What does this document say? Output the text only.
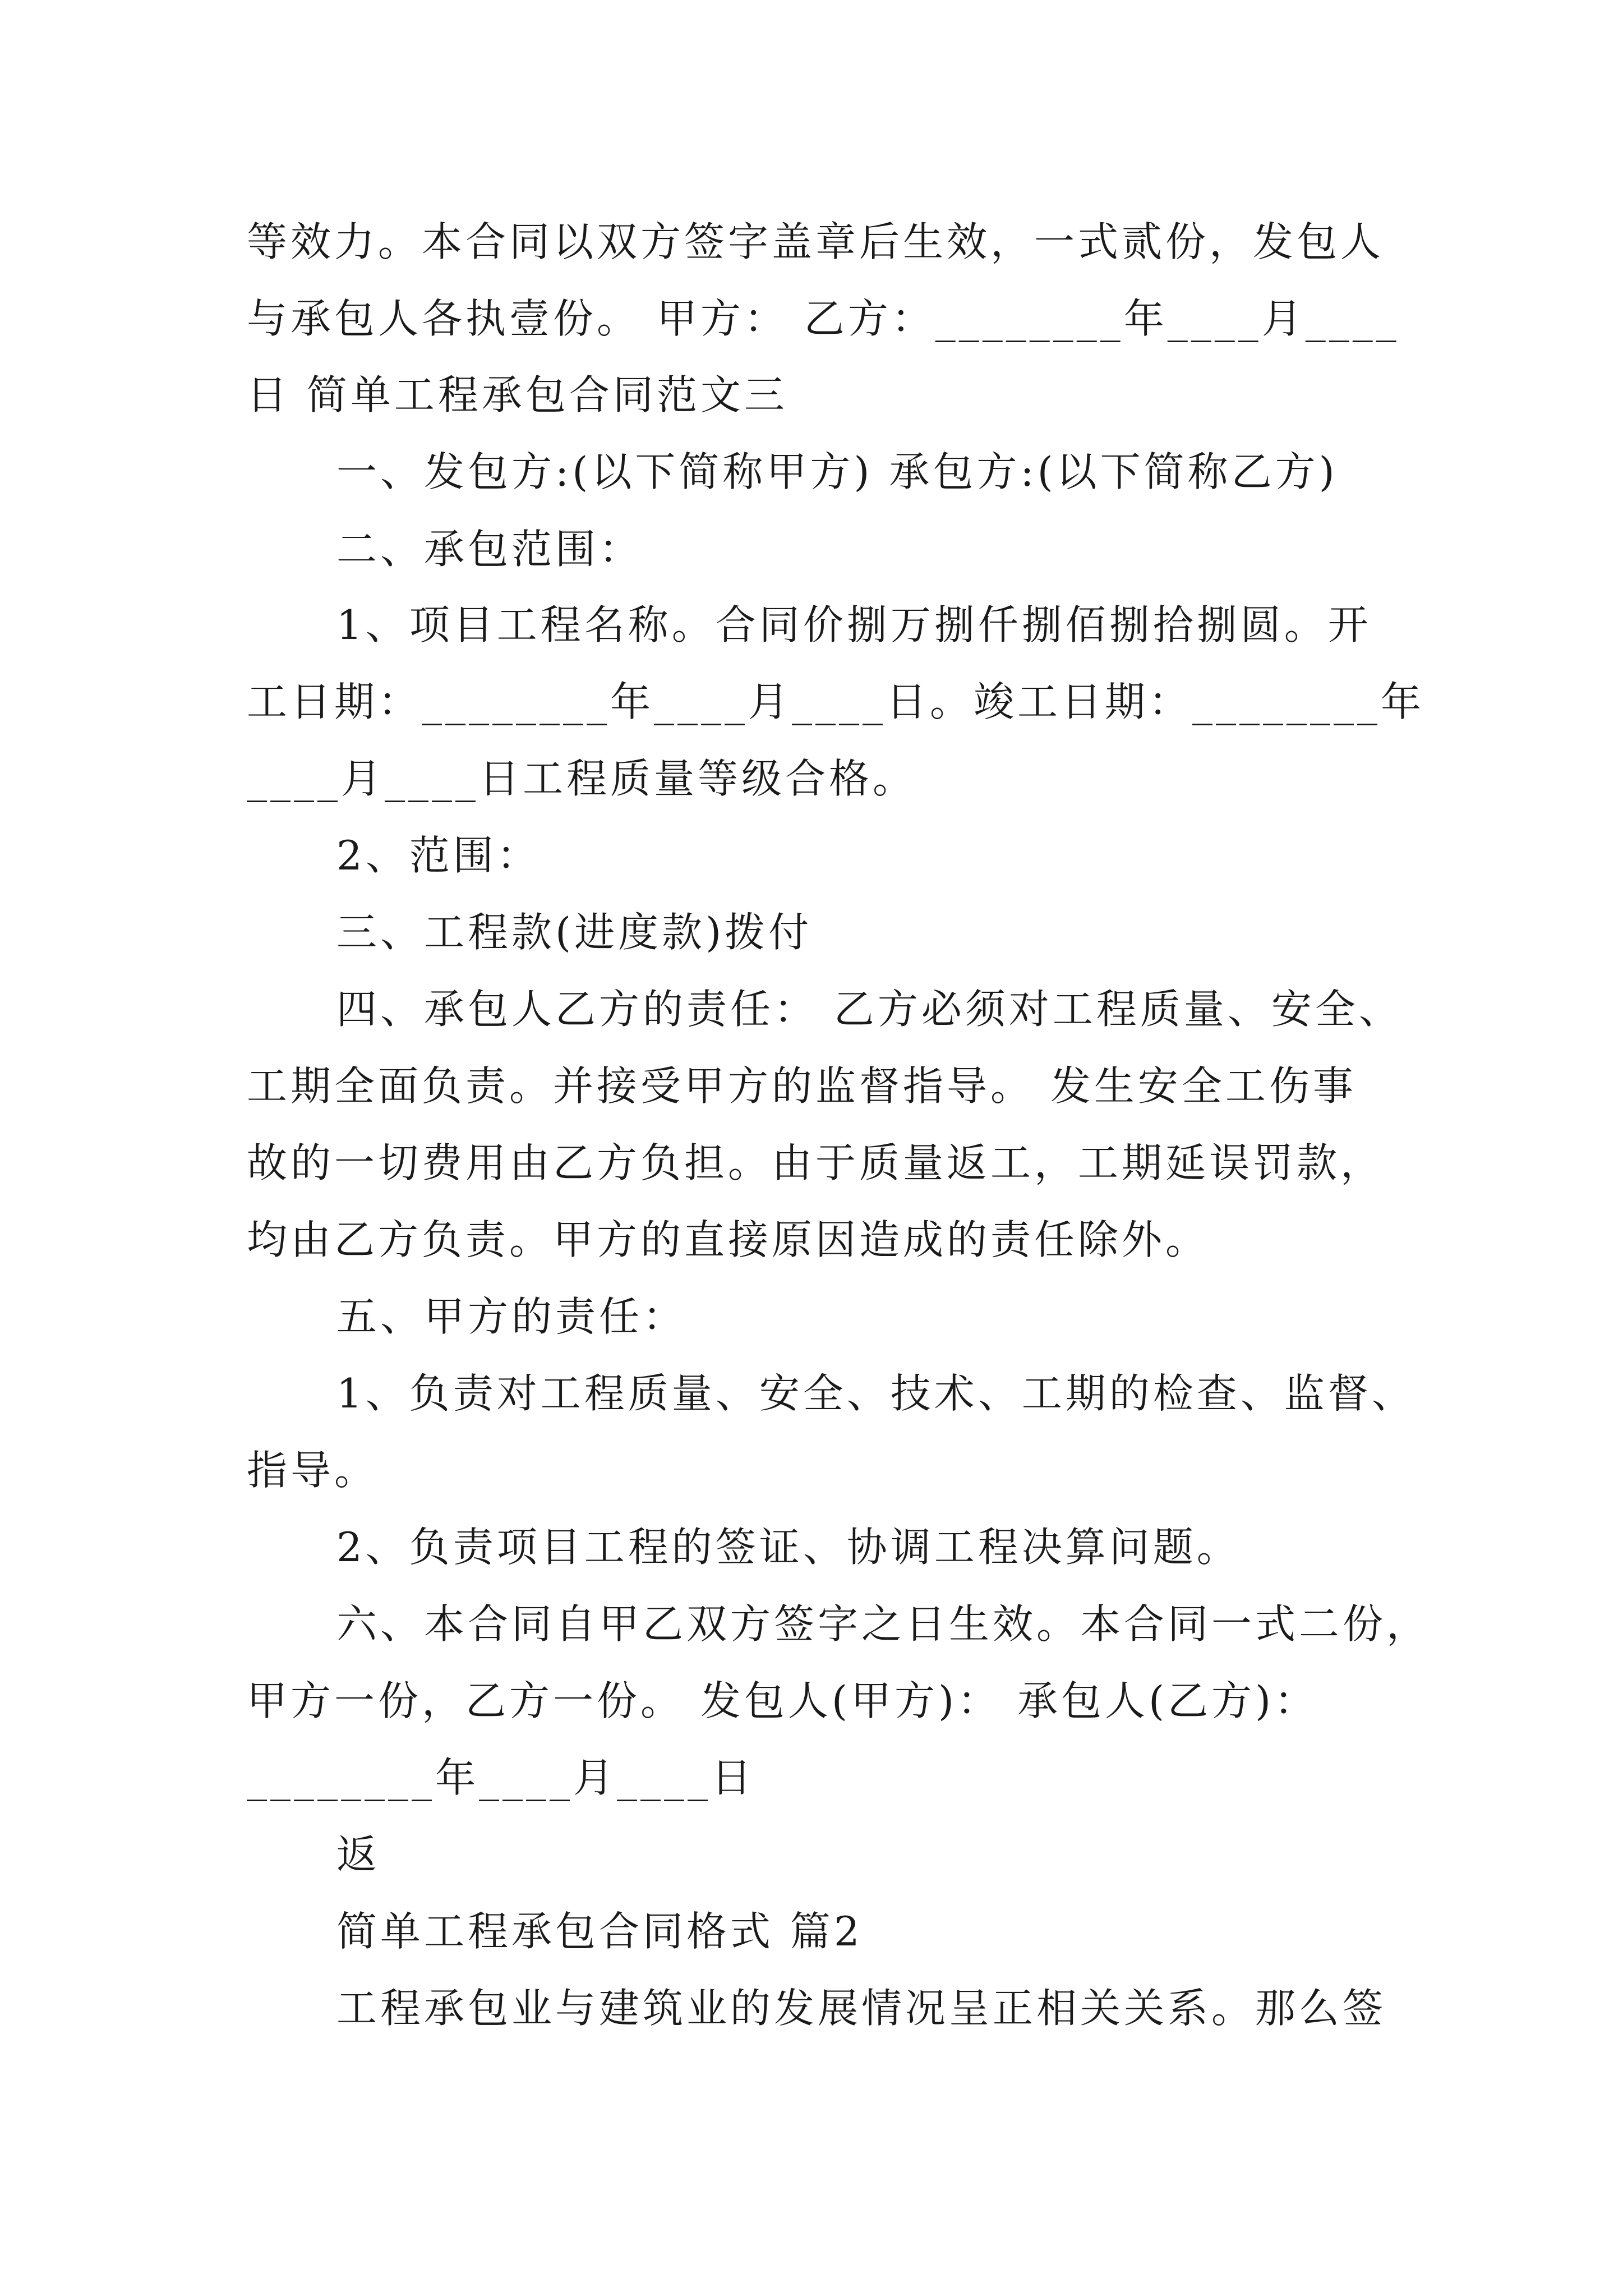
等效力。本合同以双方签字盖章后生效，一式贰份，发包人
与承包人各执壹份。 甲方： 乙方：________年____月____
日 简单工程承包合同范文三
一、发包方:(以下简称甲方) 承包方:(以下简称乙方)
二、承包范围：
1、项目工程名称。合同价捌万捌仟捌佰捌拾捌圆。开
工日期：________年____月____日。竣工日期：________年
____月____日工程质量等级合格。
2、范围：
三、工程款(进度款)拨付
四、承包人乙方的责任： 乙方必须对工程质量、安全、
工期全面负责。并接受甲方的监督指导。 发生安全工伤事
故的一切费用由乙方负担。由于质量返工，工期延误罚款，
均由乙方负责。甲方的直接原因造成的责任除外。
五、甲方的责任：
1、负责对工程质量、安全、技术、工期的检查、监督、
指导。
2、负责项目工程的签证、协调工程决算问题。
六、本合同自甲乙双方签字之日生效。本合同一式二份，
甲方一份，乙方一份。 发包人(甲方)： 承包人(乙方)：
________年____月____日
返
简单工程承包合同格式 篇2
工程承包业与建筑业的发展情况呈正相关关系。那么签
